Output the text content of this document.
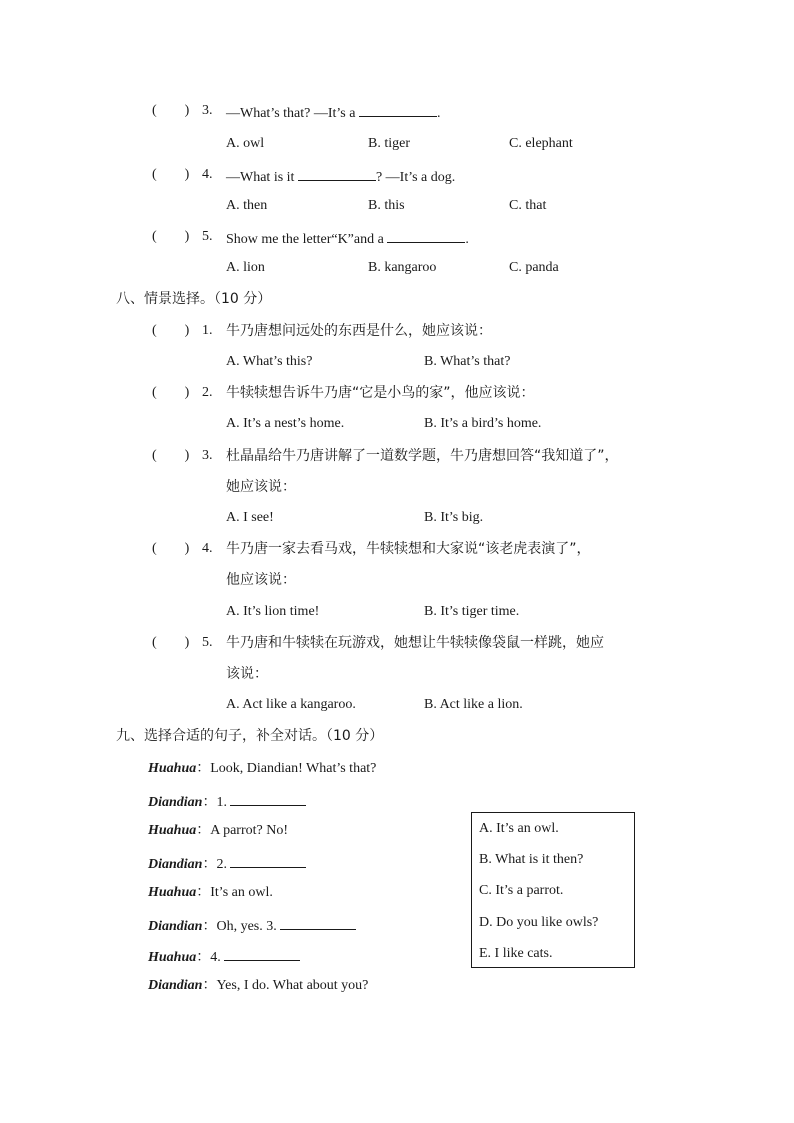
(　　) 3. —What’s that? —It’s a	.
A. owl	B. tiger	C. elephant
(　　) 4. —What is it	? —It’s a dog.
A. then	B. this	C. that
(　　) 5. Show me the letter“K”and a	.
A. lion	B. kangaroo	C. panda
八、情景选择。（10 分）
(　　) 1. 牛乃唐想问远处的东西是什么，她应该说：
A. What’s this?	B. What’s that?
(　　) 2. 牛犊犊想告诉牛乃唐“它是小鸟的家”，他应该说：
A. It’s a nest’s home.	B. It’s a bird’s home.
(　　) 3. 杜晶晶给牛乃唐讲解了一道数学题，牛乃唐想回答“我知道了”，
她应该说：
A. I see!	B. It’s big.
(　　) 4. 牛乃唐一家去看马戏，牛犊犊想和大家说“该老虎表演了”，
他应该说：
A. It’s lion time!	B. It’s tiger time.
(　　) 5. 牛乃唐和牛犊犊在玩游戏，她想让牛犊犊像袋鼠一样跳，她应
该说：
A. Act like a kangaroo.	B. Act like a lion.
九、选择合适的句子，补全对话。（10 分）
Huahua：Look, Diandian! What’s that?
Diandian：1.
Huahua：A parrot? No!
Diandian：2.
Huahua：It’s an owl.
Diandian：Oh, yes. 3.
Huahua：4.
Diandian：Yes, I do. What about you?
A. It’s an owl.
B. What is it then?
C. It’s a parrot.
D. Do you like owls?
E. I like cats.
